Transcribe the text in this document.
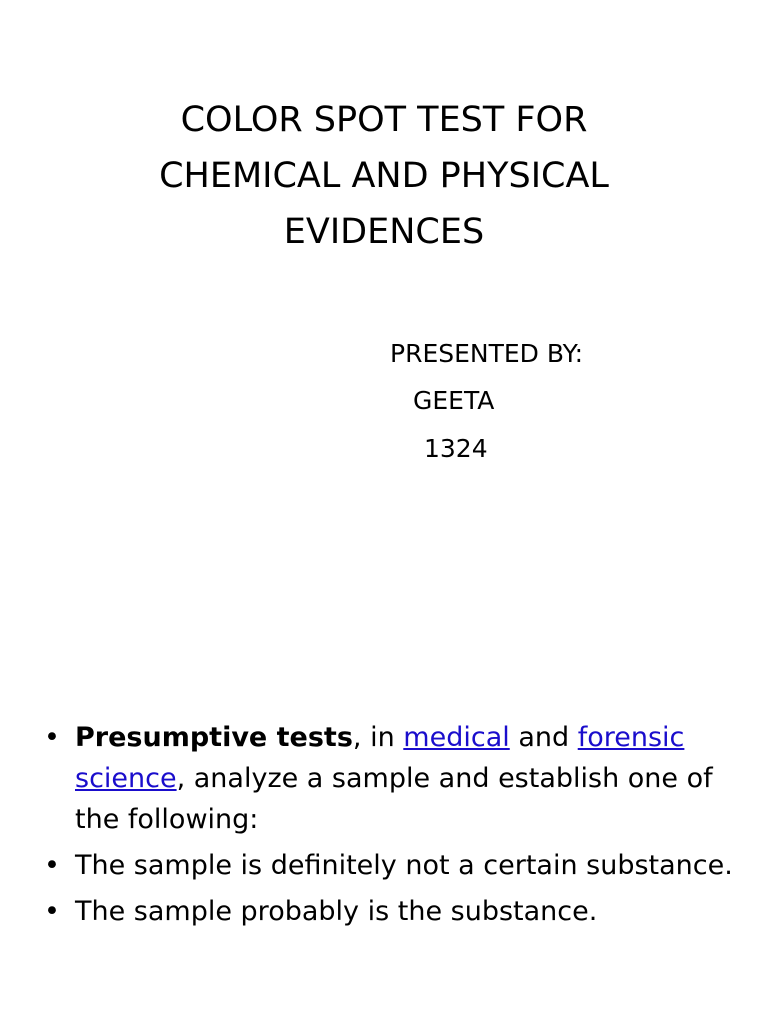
COLOR SPOT TEST FOR
CHEMICAL AND PHYSICAL
EVIDENCES
PRESENTED BY:
GEETA
1324
• Presumptive tests, in medical and forensic science, analyze a sample and establish one of the following:
• The sample is definitely not a certain substance.
• The sample probably is the substance.
